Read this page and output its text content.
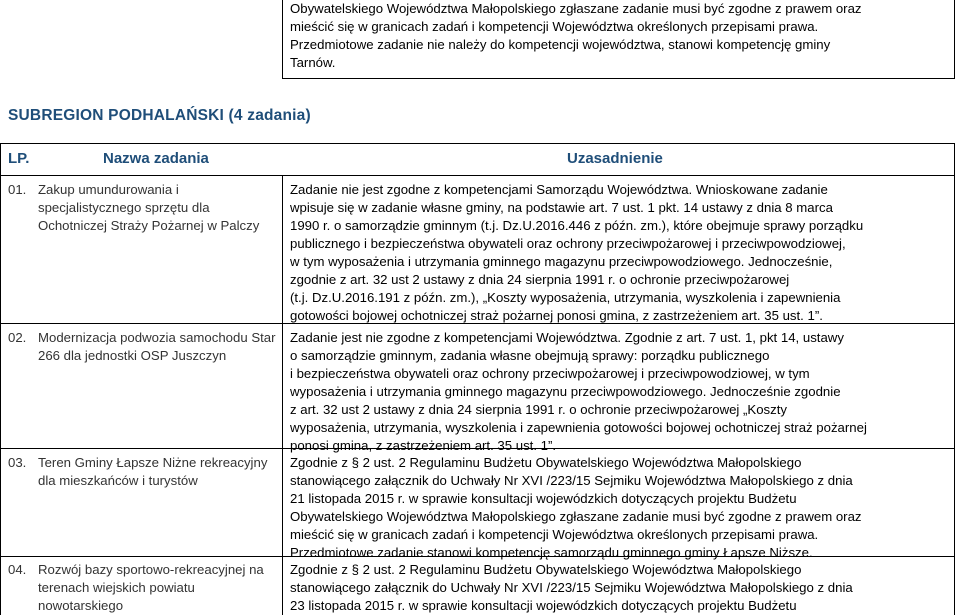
Obywatelskiego Województwa Małopolskiego zgłaszane zadanie musi być zgodne z prawem oraz

mieścić się w granicach zadań i kompetencji Województwa określonych przepisami prawa.

Przedmiotowe zadanie nie należy do kompetencji województwa, stanowi kompetencję gminy

Tarnów.

SUBREGION PODHALAŃSKI (4 zadania)
LP.	Nazwa zadania	Uzasadnienie
01. Zakup umundurowania i specjalistycznego sprzętu dla Ochotniczej Straży Pożarnej w Palczy

Zadanie nie jest zgodne z kompetencjami Samorządu Województwa. Wnioskowane zadanie

wpisuje się w zadanie własne gminy, na podstawie art. 7 ust. 1 pkt. 14 ustawy z dnia 8 marca

1990 r. o samorządzie gminnym (t.j. Dz.U.2016.446 z późn. zm.), które obejmuje sprawy porządku

publicznego i bezpieczeństwa obywateli oraz ochrony przeciwpożarowej i przeciwpowodziowej,

w tym wyposażenia i utrzymania gminnego magazynu przeciwpowodziowego. Jednocześnie,

zgodnie z art. 32 ust 2 ustawy z dnia 24 sierpnia 1991 r. o ochronie przeciwpożarowej

(t.j. Dz.U.2016.191 z późn. zm.), „Koszty wyposażenia, utrzymania, wyszkolenia i zapewnienia

gotowości bojowej ochotniczej straż pożarnej ponosi gmina, z zastrzeżeniem art. 35 ust. 1”.

02. Modernizacja podwozia samochodu Star 266 dla jednostki OSP Juszczyn

Zadanie jest nie zgodne z kompetencjami Województwa. Zgodnie z art. 7 ust. 1, pkt 14, ustawy

o samorządzie gminnym, zadania własne obejmują sprawy: porządku publicznego

i bezpieczeństwa obywateli oraz ochrony przeciwpożarowej i przeciwpowodziowej, w tym

wyposażenia i utrzymania gminnego magazynu przeciwpowodziowego. Jednocześnie zgodnie

z art. 32 ust 2 ustawy z dnia 24 sierpnia 1991 r. o ochronie przeciwpożarowej „Koszty

wyposażenia, utrzymania, wyszkolenia i zapewnienia gotowości bojowej ochotniczej straż pożarnej

ponosi gmina, z zastrzeżeniem art. 35 ust. 1”.

03. Teren Gminy Łapsze Niżne rekreacyjny dla mieszkańców i turystów

Zgodnie z § 2 ust. 2 Regulaminu Budżetu Obywatelskiego Województwa Małopolskiego

stanowiącego załącznik do Uchwały Nr XVI /223/15 Sejmiku Województwa Małopolskiego z dnia

21 listopada 2015 r. w sprawie konsultacji wojewódzkich dotyczących projektu Budżetu

Obywatelskiego Województwa Małopolskiego zgłaszane zadanie musi być zgodne z prawem oraz

mieścić się w granicach zadań i kompetencji Województwa określonych przepisami prawa.

Przedmiotowe zadanie stanowi kompetencję samorządu gminnego gminy Łapsze Niższe.

04. Rozwój bazy sportowo-rekreacyjnej na terenach wiejskich powiatu nowotarskiego

Zgodnie z § 2 ust. 2 Regulaminu Budżetu Obywatelskiego Województwa Małopolskiego

stanowiącego załącznik do Uchwały Nr XVI /223/15 Sejmiku Województwa Małopolskiego z dnia

23 listopada 2015 r. w sprawie konsultacji wojewódzkich dotyczących projektu Budżetu
